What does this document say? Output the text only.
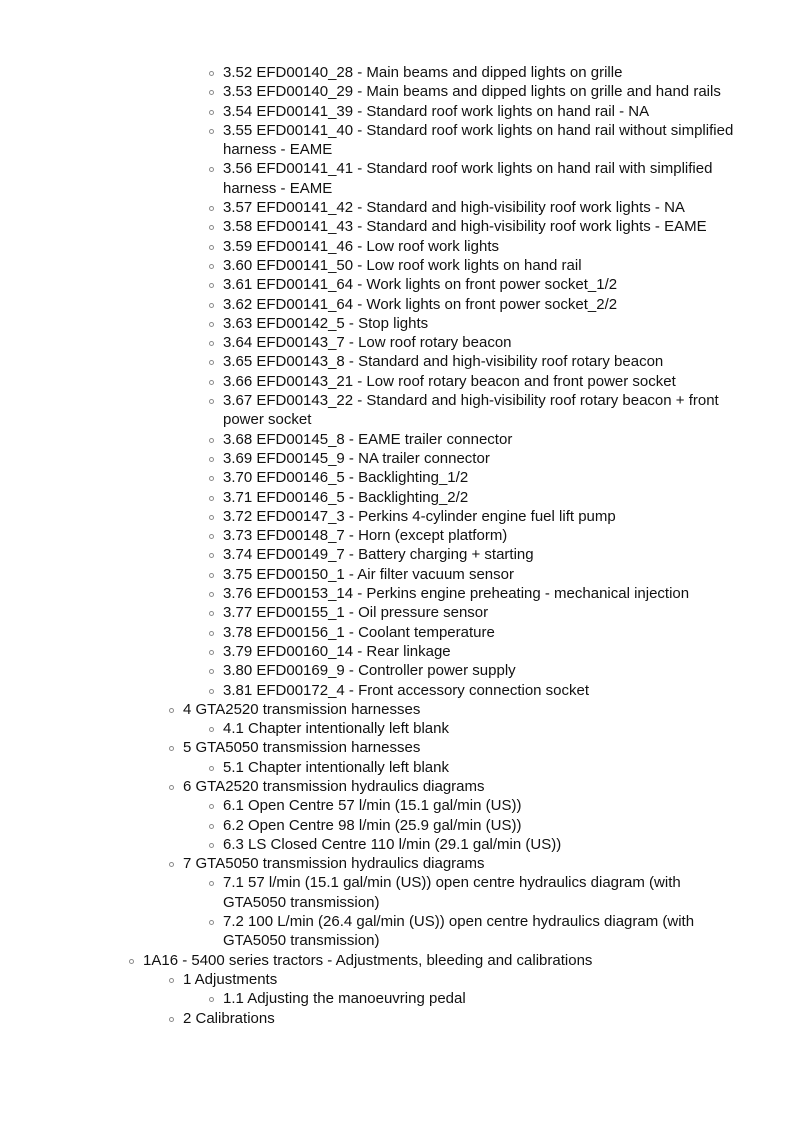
3.52 EFD00140_28 - Main beams and dipped lights on grille
3.53 EFD00140_29 - Main beams and dipped lights on grille and hand rails
3.54 EFD00141_39 - Standard roof work lights on hand rail - NA
3.55 EFD00141_40 - Standard roof work lights on hand rail without simplified harness - EAME
3.56 EFD00141_41 - Standard roof work lights on hand rail with simplified harness - EAME
3.57 EFD00141_42 - Standard and high-visibility roof work lights - NA
3.58 EFD00141_43 - Standard and high-visibility roof work lights - EAME
3.59 EFD00141_46 - Low roof work lights
3.60 EFD00141_50 - Low roof work lights on hand rail
3.61 EFD00141_64 - Work lights on front power socket_1/2
3.62 EFD00141_64 - Work lights on front power socket_2/2
3.63 EFD00142_5 - Stop lights
3.64 EFD00143_7 - Low roof rotary beacon
3.65 EFD00143_8 - Standard and high-visibility roof rotary beacon
3.66 EFD00143_21 - Low roof rotary beacon and front power socket
3.67 EFD00143_22 - Standard and high-visibility roof rotary beacon + front power socket
3.68 EFD00145_8 - EAME trailer connector
3.69 EFD00145_9 - NA trailer connector
3.70 EFD00146_5 - Backlighting_1/2
3.71 EFD00146_5 - Backlighting_2/2
3.72 EFD00147_3 - Perkins 4-cylinder engine fuel lift pump
3.73 EFD00148_7 - Horn (except platform)
3.74 EFD00149_7 - Battery charging + starting
3.75 EFD00150_1 - Air filter vacuum sensor
3.76 EFD00153_14 - Perkins engine preheating - mechanical injection
3.77 EFD00155_1 - Oil pressure sensor
3.78 EFD00156_1 - Coolant temperature
3.79 EFD00160_14 - Rear linkage
3.80 EFD00169_9 - Controller power supply
3.81 EFD00172_4 - Front accessory connection socket
4 GTA2520 transmission harnesses
4.1 Chapter intentionally left blank
5 GTA5050 transmission harnesses
5.1 Chapter intentionally left blank
6 GTA2520 transmission hydraulics diagrams
6.1 Open Centre 57 l/min (15.1 gal/min (US))
6.2 Open Centre 98 l/min (25.9 gal/min (US))
6.3 LS Closed Centre 110 l/min (29.1 gal/min (US))
7 GTA5050 transmission hydraulics diagrams
7.1 57 l/min (15.1 gal/min (US)) open centre hydraulics diagram (with GTA5050 transmission)
7.2 100 L/min (26.4 gal/min (US)) open centre hydraulics diagram (with GTA5050 transmission)
1A16 - 5400 series tractors - Adjustments, bleeding and calibrations
1 Adjustments
1.1 Adjusting the manoeuvring pedal
2 Calibrations
